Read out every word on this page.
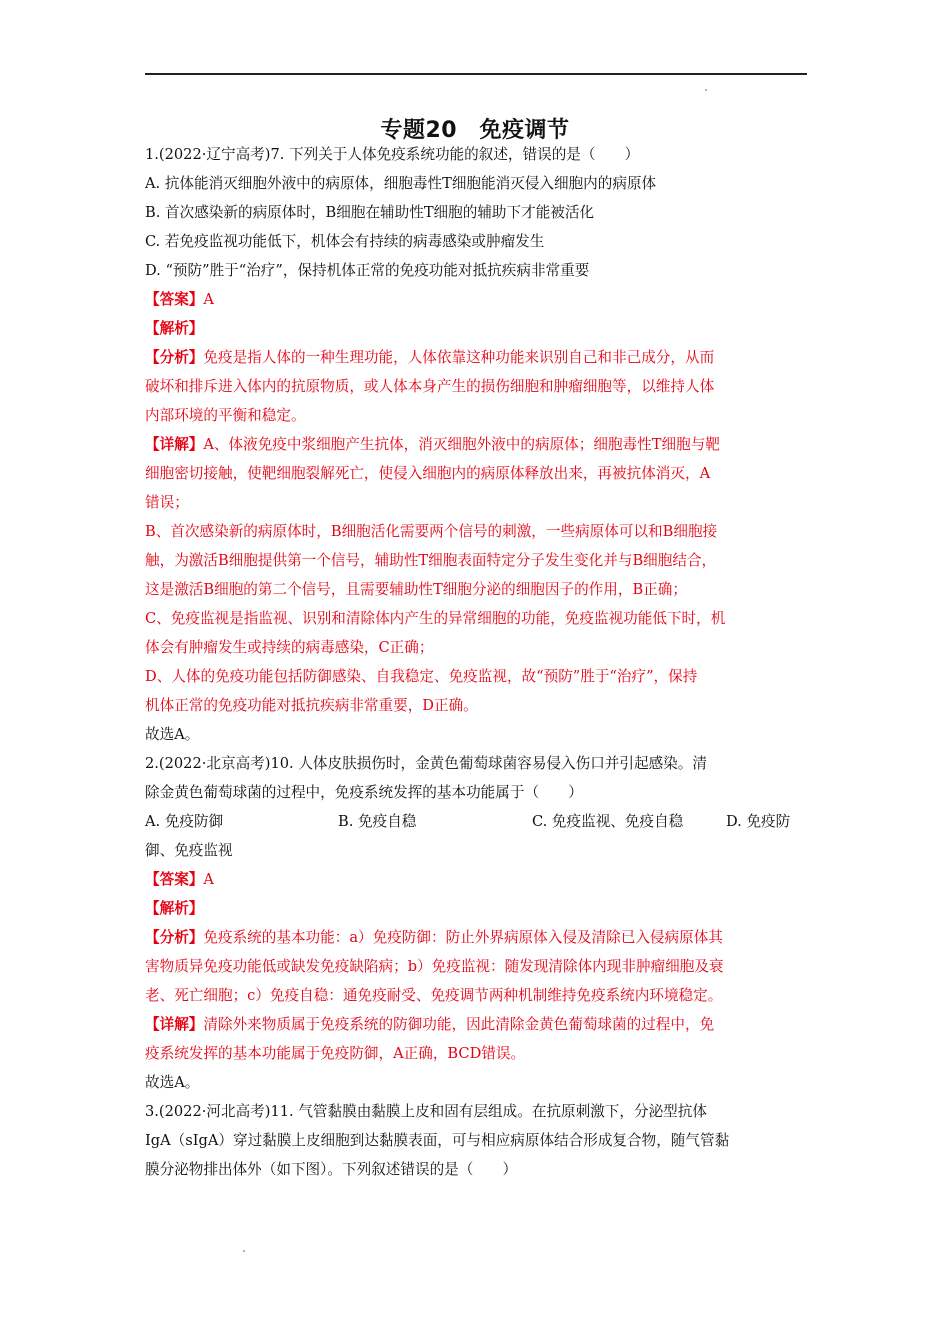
专题20　免疫调节
1.(2022·辽宁高考)7. 下列关于人体免疫系统功能的叙述，错误的是（　　）
A. 抗体能消灭细胞外液中的病原体，细胞毒性T细胞能消灭侵入细胞内的病原体
B. 首次感染新的病原体时，B细胞在辅助性T细胞的辅助下才能被活化
C. 若免疫监视功能低下，机体会有持续的病毒感染或肿瘤发生
D. “预防”胜于“治疗”，保持机体正常的免疫功能对抵抗疾病非常重要
【答案】A
【解析】
【分析】免疫是指人体的一种生理功能，人体依靠这种功能来识别自己和非己成分，从而
破坏和排斥进入体内的抗原物质，或人体本身产生的损伤细胞和肿瘤细胞等，以维持人体
内部环境的平衡和稳定。
【详解】A、体液免疫中浆细胞产生抗体，消灭细胞外液中的病原体；细胞毒性T细胞与靶
细胞密切接触，使靶细胞裂解死亡，使侵入细胞内的病原体释放出来，再被抗体消灭，A
错误；
B、首次感染新的病原体时，B细胞活化需要两个信号的刺激，一些病原体可以和B细胞接
触，为激活B细胞提供第一个信号，辅助性T细胞表面特定分子发生变化并与B细胞结合，
这是激活B细胞的第二个信号，且需要辅助性T细胞分泌的细胞因子的作用，B正确；
C、免疫监视是指监视、识别和清除体内产生的异常细胞的功能，免疫监视功能低下时，机
体会有肿瘤发生或持续的病毒感染，C正确；
D、人体的免疫功能包括防御感染、自我稳定、免疫监视，故“预防”胜于“治疗”，保持
机体正常的免疫功能对抵抗疾病非常重要，D正确。
故选A。
2.(2022·北京高考)10. 人体皮肤损伤时，金黄色葡萄球菌容易侵入伤口并引起感染。清
除金黄色葡萄球菌的过程中，免疫系统发挥的基本功能属于（　　）
A. 免疫防御	B. 免疫自稳	C. 免疫监视、免疫自稳	D. 免疫防
御、免疫监视
【答案】A
【解析】
【分析】免疫系统的基本功能：a）免疫防御：防止外界病原体入侵及清除已入侵病原体其
害物质异免疫功能低或缺发免疫缺陷病；b）免疫监视：随发现清除体内现非肿瘤细胞及衰
老、死亡细胞；c）免疫自稳：通免疫耐受、免疫调节两种机制维持免疫系统内环境稳定。
【详解】清除外来物质属于免疫系统的防御功能，因此清除金黄色葡萄球菌的过程中，免
疫系统发挥的基本功能属于免疫防御，A正确，BCD错误。
故选A。
3.(2022·河北高考)11. 气管黏膜由黏膜上皮和固有层组成。在抗原刺激下，分泌型抗体
IgA（sIgA）穿过黏膜上皮细胞到达黏膜表面，可与相应病原体结合形成复合物，随气管黏
膜分泌物排出体外（如下图）。下列叙述错误的是（　　）
